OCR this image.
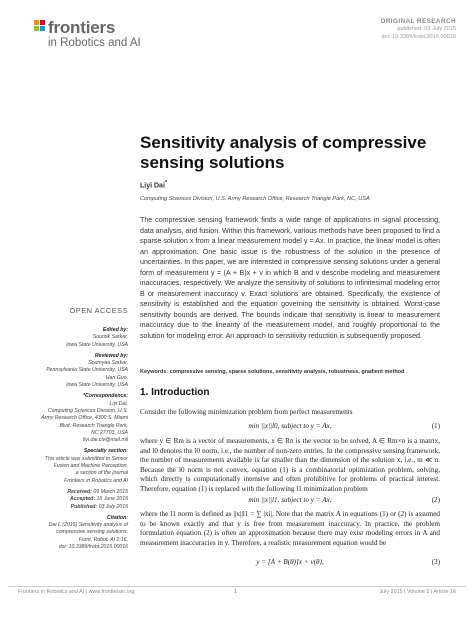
frontiers
in Robotics and AI
ORIGINAL RESEARCH
published: 03 July 2015
doi: 10.3389/frobt.2015.00016
Sensitivity analysis of compressive sensing solutions
Liyi Dai*
Computing Sciences Division, U.S. Army Research Office, Research Triangle Park, NC, USA

The compressive sensing framework finds a wide range of applications in signal processing, data analysis, and fusion. Within this framework, various methods have been proposed to find a sparse solution x from a linear measurement model y = Ax. In practice, the linear model is often an approximation. One basic issue is the robustness of the solution in the presence of uncertainties. In this paper, we are interested in compressive sensing solutions under a general form of measurement y = (A + B)x + v in which B and v describe modeling and measurement inaccuracies, respectively. We analyze the sensitivity of solutions to infinitesimal modeling error B or measurement inaccuracy v. Exact solutions are obtained. Specifically, the existence of sensitivity is established and the equation governing the sensitivity is obtained. Worst-case sensitivity bounds are derived. The bounds indicate that sensitivity is linear to measurement inaccuracy due to the linearity of the measurement model, and roughly proportional to the solution for modeling error. An approach to sensitivity reduction is subsequently proposed.

Keywords: compressive sensing, sparse solutions, sensitivity analysis, robustness, gradient method
OPEN ACCESS
Edited by:
Soumik Sarkar,
Iowa State University, USA
Reviewed by:
Soumyaa Sarkar,
Pennsylvania State University, USA
Han Guo,
Iowa State University, USA
*Correspondence:
Liyi Dai,
Computing Sciences Division, U.S.
Army Research Office, 4300 S. Miami
Blvd, Research Triangle Park,
NC 27703, USA
liyi.dai.civ@mail.mil
Specialty section:
This article was submitted to Sensor
Fusion and Machine Perception,
a section of the journal
Frontiers in Robotics and AI
Received: 09 March 2015
Accepted: 16 June 2015
Published: 03 July 2015
Citation:
Dai L (2015) Sensitivity analysis of
compressive sensing solutions.
Front. Robot. AI 2:16.
doi: 10.3389/frobt.2015.00016
1. Introduction

Consider the following minimization problem from perfect measurements

min ||x||l0, subject to y = Ax,	(1)

where y ∈ Rm is a vector of measurements, x ∈ Rn is the vector to be solved, A ∈ Rm×n is a matrix, and l0 denotes the l0 norm, i.e., the number of non-zero entries. In the compressive sensing framework, the number of measurements available is far smaller than the dimension of the solution x, i.e., m ≪ n. Because the l0 norm is not convex, equation (1) is a combinatorial optimization problem, solving, which directly is computationally intensive and often prohibitive for problems of practical interest. Therefore, equation (1) is replaced with the following l1 minimization problem

min ||x||l1, subject to y = Ax,	(2)

where the l1 norm is defined as ||x||l1 = ∑ |xi|. Note that the matrix A in equations (1) or (2) is assumed to be known exactly and that y is free from measurement inaccuracy. In practice, the problem formulation equation (2) is often an approximation because there may exist modeling errors in A and measurement inaccuracies in y. Therefore, a realistic measurement equation would be

y = [A + B(θ)]x + v(θ),	(3)
Frontiers in Robotics and AI | www.frontiersin.org	1	July 2015 | Volume 2 | Article 16
